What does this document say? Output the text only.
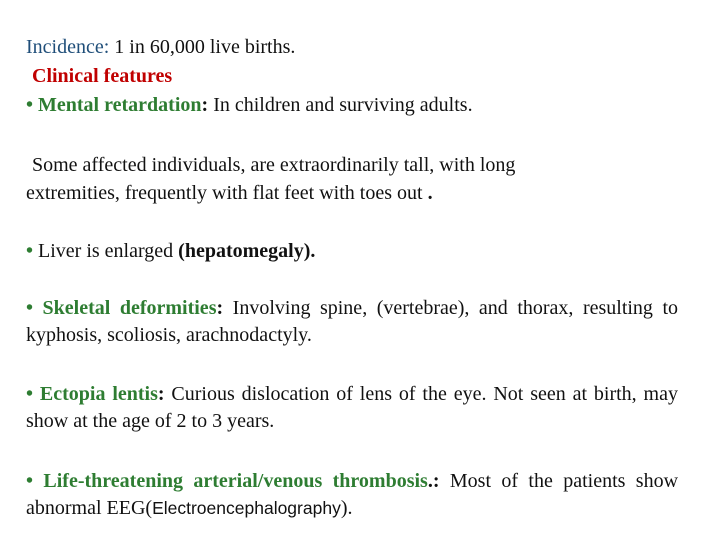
Incidence: 1 in 60,000 live births.
Clinical features
• Mental retardation: In children and surviving adults.
Some affected individuals, are extraordinarily tall, with long
extremities, frequently with flat feet with toes out .
• Liver is enlarged (hepatomegaly).
• Skeletal deformities: Involving spine, (vertebrae), and thorax, resulting to kyphosis, scoliosis, arachnodactyly.
• Ectopia lentis: Curious dislocation of lens of the eye. Not seen at birth, may show at the age of 2 to 3 years.
• Life-threatening arterial/venous thrombosis.: Most of the patients show abnormal EEG(Electroencephalography).
